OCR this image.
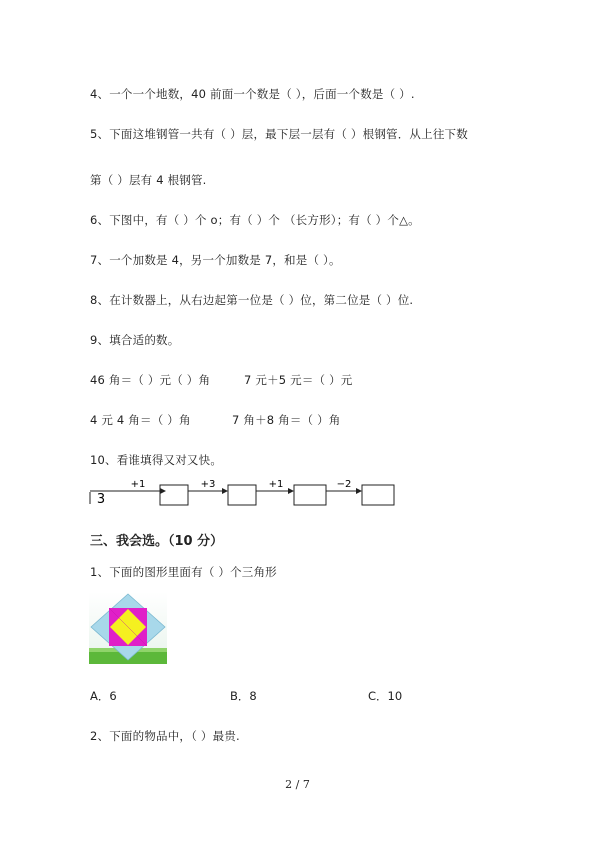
4、一个一个地数，40 前面一个数是（ ），后面一个数是（ ）.
5、下面这堆钢管一共有（ ）层，最下层一层有（ ）根钢管．从上往下数
第（ ）层有 4 根钢管.
6、下图中，有（ ）个 o；有（ ）个 （长方形）；有（ ）个△。
7、一个加数是 4，另一个加数是 7，和是（ ）。
8、在计数器上，从右边起第一位是（ ）位，第二位是（ ）位.
9、填合适的数。
46 角＝（ ）元（ ）角	7 元＋5 元＝（ ）元
4 元 4 角＝（ ）角	7 角＋8 角＝（ ）角
10、看谁填得又对又快。
3
+1	+3	+1	−2
三、我会选。（10 分）
1、下面的图形里面有（ ）个三角形
A．6	B．8	C．10
2、下面的物品中，（ ）最贵.
2 / 7
